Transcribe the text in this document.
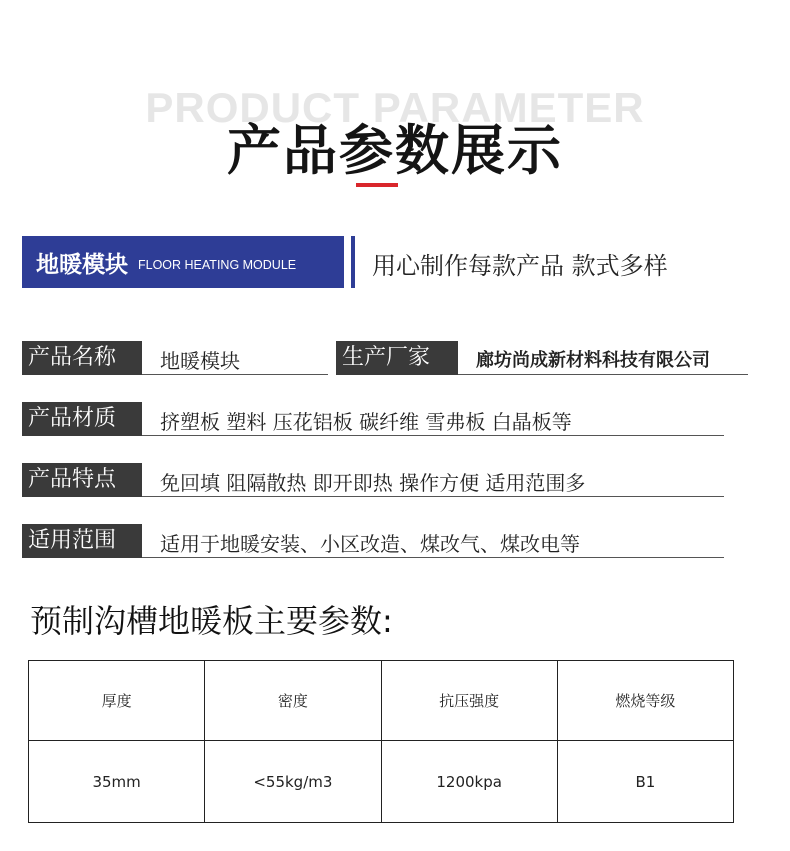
PRODUCT PARAMETER
产品参数展示
地暖模块 FLOOR HEATING MODULE	用心制作每款产品 款式多样
产品名称	地暖模块	生产厂家	廊坊尚成新材料科技有限公司
产品材质	挤塑板 塑料 压花铝板 碳纤维 雪弗板 白晶板等
产品特点	免回填 阻隔散热 即开即热 操作方便 适用范围多
适用范围	适用于地暖安装、小区改造、煤改气、煤改电等
预制沟槽地暖板主要参数:
厚度	密度	抗压强度	燃烧等级
35mm	<55kg/m3	1200kpa	B1
